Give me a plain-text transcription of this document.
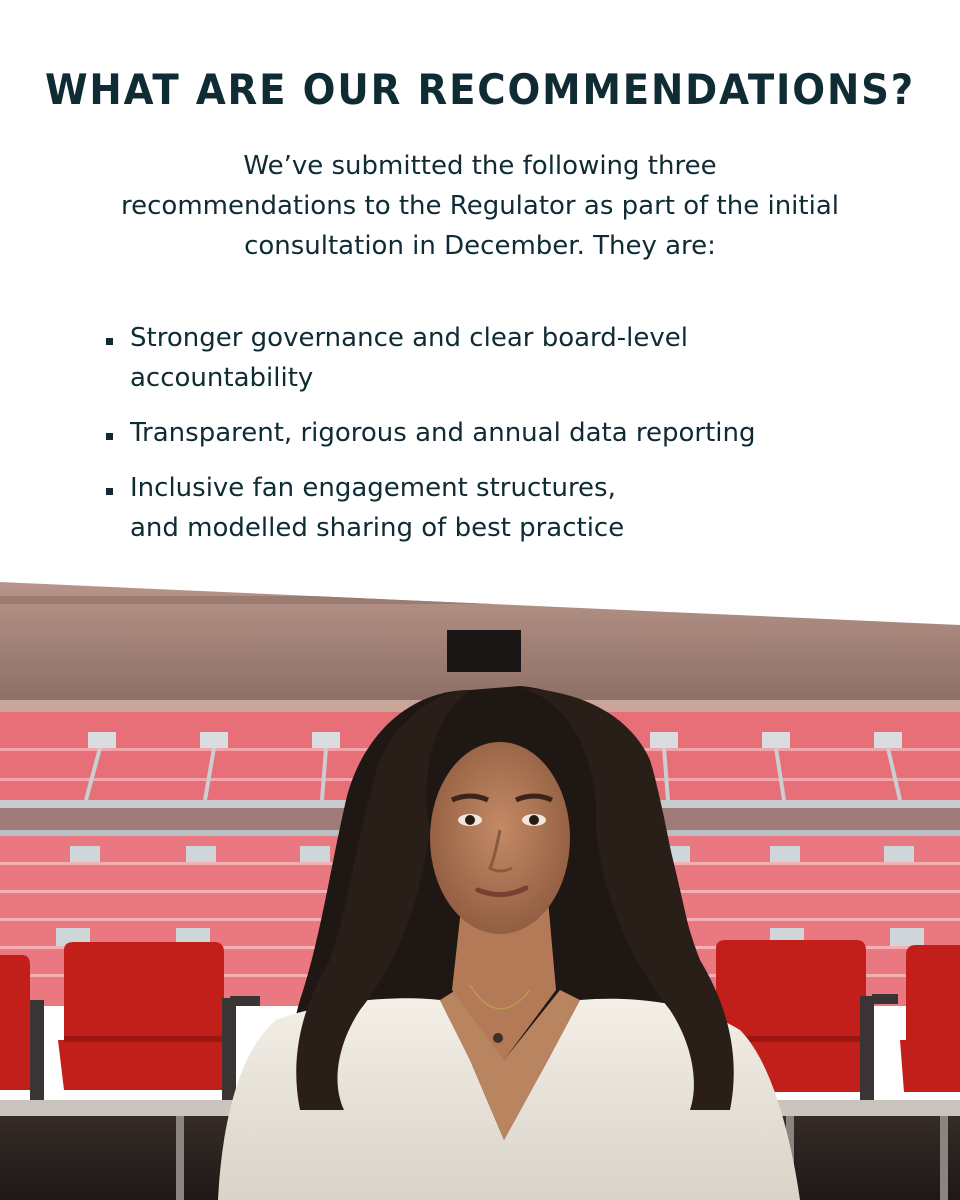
WHAT ARE OUR RECOMMENDATIONS?

We’ve submitted the following three
recommendations to the Regulator as part of the initial
consultation in December. They are:

Stronger governance and clear board-level
accountability
Transparent, rigorous and annual data reporting
Inclusive fan engagement structures,
and modelled sharing of best practice
